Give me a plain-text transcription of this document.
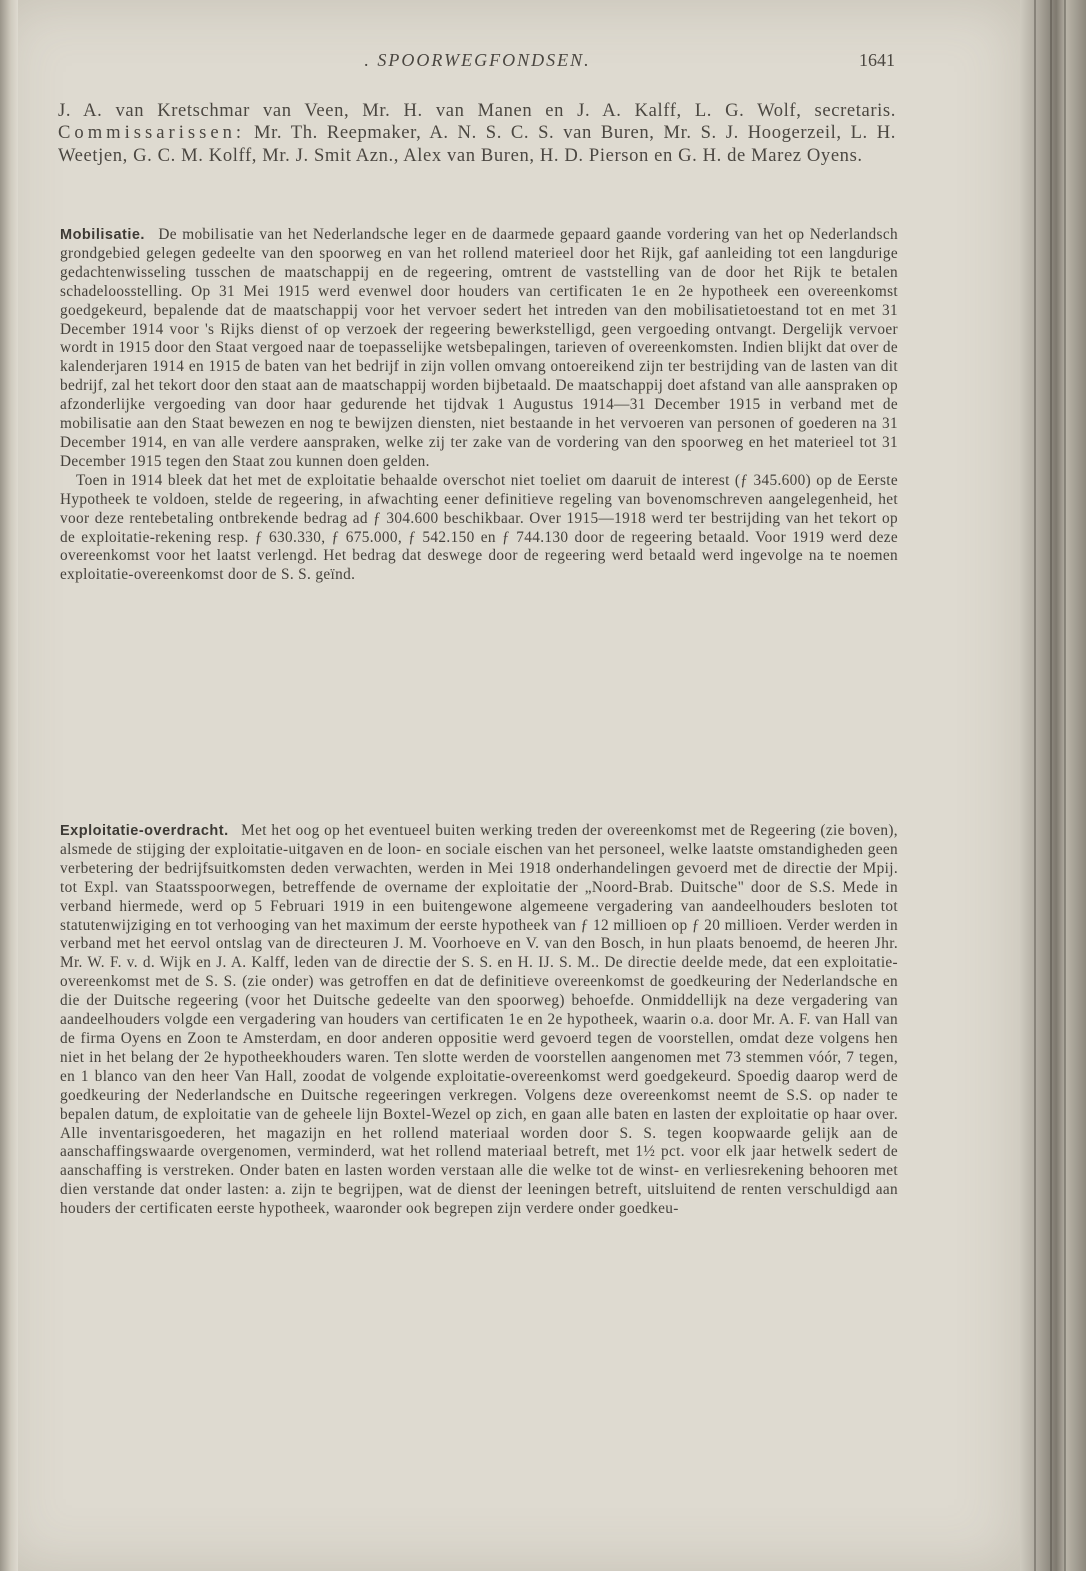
. SPOORWEGFONDSEN.	1641
J. A. van Kretschmar van Veen, Mr. H. van Manen en J. A. Kalff, L. G. Wolf, secretaris. Commissarissen: Mr. Th. Reepmaker, A. N. S. C. S. van Buren, Mr. S. J. Hoogerzeil, L. H. Weetjen, G. C. M. Kolff, Mr. J. Smit Azn., Alex van Buren, H. D. Pierson en G. H. de Marez Oyens.

Mobilisatie. De mobilisatie van het Nederlandsche leger en de daarmede gepaard gaande vordering van het op Nederlandsch grondgebied gelegen gedeelte van den spoorweg en van het rollend materieel door het Rijk, gaf aanleiding tot een langdurige gedachtenwisseling tusschen de maatschappij en de regeering, omtrent de vaststelling van de door het Rijk te betalen schadeloosstelling. Op 31 Mei 1915 werd evenwel door houders van certificaten 1e en 2e hypotheek een overeenkomst goedgekeurd, bepalende dat de maatschappij voor het vervoer sedert het intreden van den mobilisatietoestand tot en met 31 December 1914 voor 's Rijks dienst of op verzoek der regeering bewerkstelligd, geen vergoeding ontvangt. Dergelijk vervoer wordt in 1915 door den Staat vergoed naar de toepasselijke wetsbepalingen, tarieven of overeenkomsten. Indien blijkt dat over de kalenderjaren 1914 en 1915 de baten van het bedrijf in zijn vollen omvang ontoereikend zijn ter bestrijding van de lasten van dit bedrijf, zal het tekort door den staat aan de maatschappij worden bijbetaald. De maatschappij doet afstand van alle aanspraken op afzonderlijke vergoeding van door haar gedurende het tijdvak 1 Augustus 1914—31 December 1915 in verband met de mobilisatie aan den Staat bewezen en nog te bewijzen diensten, niet bestaande in het vervoeren van personen of goederen na 31 December 1914, en van alle verdere aanspraken, welke zij ter zake van de vordering van den spoorweg en het materieel tot 31 December 1915 tegen den Staat zou kunnen doen gelden.

Toen in 1914 bleek dat het met de exploitatie behaalde overschot niet toeliet om daaruit de interest (ƒ 345.600) op de Eerste Hypotheek te voldoen, stelde de regeering, in afwachting eener definitieve regeling van bovenomschreven aangelegenheid, het voor deze rentebetaling ontbrekende bedrag ad ƒ 304.600 beschikbaar. Over 1915—1918 werd ter bestrijding van het tekort op de exploitatie-rekening resp. ƒ 630.330, ƒ 675.000, ƒ 542.150 en ƒ 744.130 door de regeering betaald. Voor 1919 werd deze overeenkomst voor het laatst verlengd. Het bedrag dat deswege door de regeering werd betaald werd ingevolge na te noemen exploitatie-overeenkomst door de S. S. geïnd.

Exploitatie-overdracht. Met het oog op het eventueel buiten werking treden der overeenkomst met de Regeering (zie boven), alsmede de stijging der exploitatie-uitgaven en de loon- en sociale eischen van het personeel, welke laatste omstandigheden geen verbetering der bedrijfsuitkomsten deden verwachten, werden in Mei 1918 onderhandelingen gevoerd met de directie der Mpij. tot Expl. van Staatsspoorwegen, betreffende de overname der exploitatie der „Noord-Brab. Duitsche" door de S.S. Mede in verband hiermede, werd op 5 Februari 1919 in een buitengewone algemeene vergadering van aandeelhouders besloten tot statutenwijziging en tot verhooging van het maximum der eerste hypotheek van ƒ 12 millioen op ƒ 20 millioen. Verder werden in verband met het eervol ontslag van de directeuren J. M. Voorhoeve en V. van den Bosch, in hun plaats benoemd, de heeren Jhr. Mr. W. F. v. d. Wijk en J. A. Kalff, leden van de directie der S. S. en H. IJ. S. M.. De directie deelde mede, dat een exploitatie-overeenkomst met de S. S. (zie onder) was getroffen en dat de definitieve overeenkomst de goedkeuring der Nederlandsche en die der Duitsche regeering (voor het Duitsche gedeelte van den spoorweg) behoefde. Onmiddellijk na deze vergadering van aandeelhouders volgde een vergadering van houders van certificaten 1e en 2e hypotheek, waarin o.a. door Mr. A. F. van Hall van de firma Oyens en Zoon te Amsterdam, en door anderen oppositie werd gevoerd tegen de voorstellen, omdat deze volgens hen niet in het belang der 2e hypotheekhouders waren. Ten slotte werden de voorstellen aangenomen met 73 stemmen vóór, 7 tegen, en 1 blanco van den heer Van Hall, zoodat de volgende exploitatie-overeenkomst werd goedgekeurd. Spoedig daarop werd de goedkeuring der Nederlandsche en Duitsche regeeringen verkregen. Volgens deze overeenkomst neemt de S.S. op nader te bepalen datum, de exploitatie van de geheele lijn Boxtel-Wezel op zich, en gaan alle baten en lasten der exploitatie op haar over. Alle inventarisgoederen, het magazijn en het rollend materiaal worden door S. S. tegen koopwaarde gelijk aan de aanschaffingswaarde overgenomen, verminderd, wat het rollend materiaal betreft, met 1½ pct. voor elk jaar hetwelk sedert de aanschaffing is verstreken. Onder baten en lasten worden verstaan alle die welke tot de winst- en verliesrekening behooren met dien verstande dat onder lasten: a. zijn te begrijpen, wat de dienst der leeningen betreft, uitsluitend de renten verschuldigd aan houders der certificaten eerste hypotheek, waaronder ook begrepen zijn verdere onder goedkeu-
